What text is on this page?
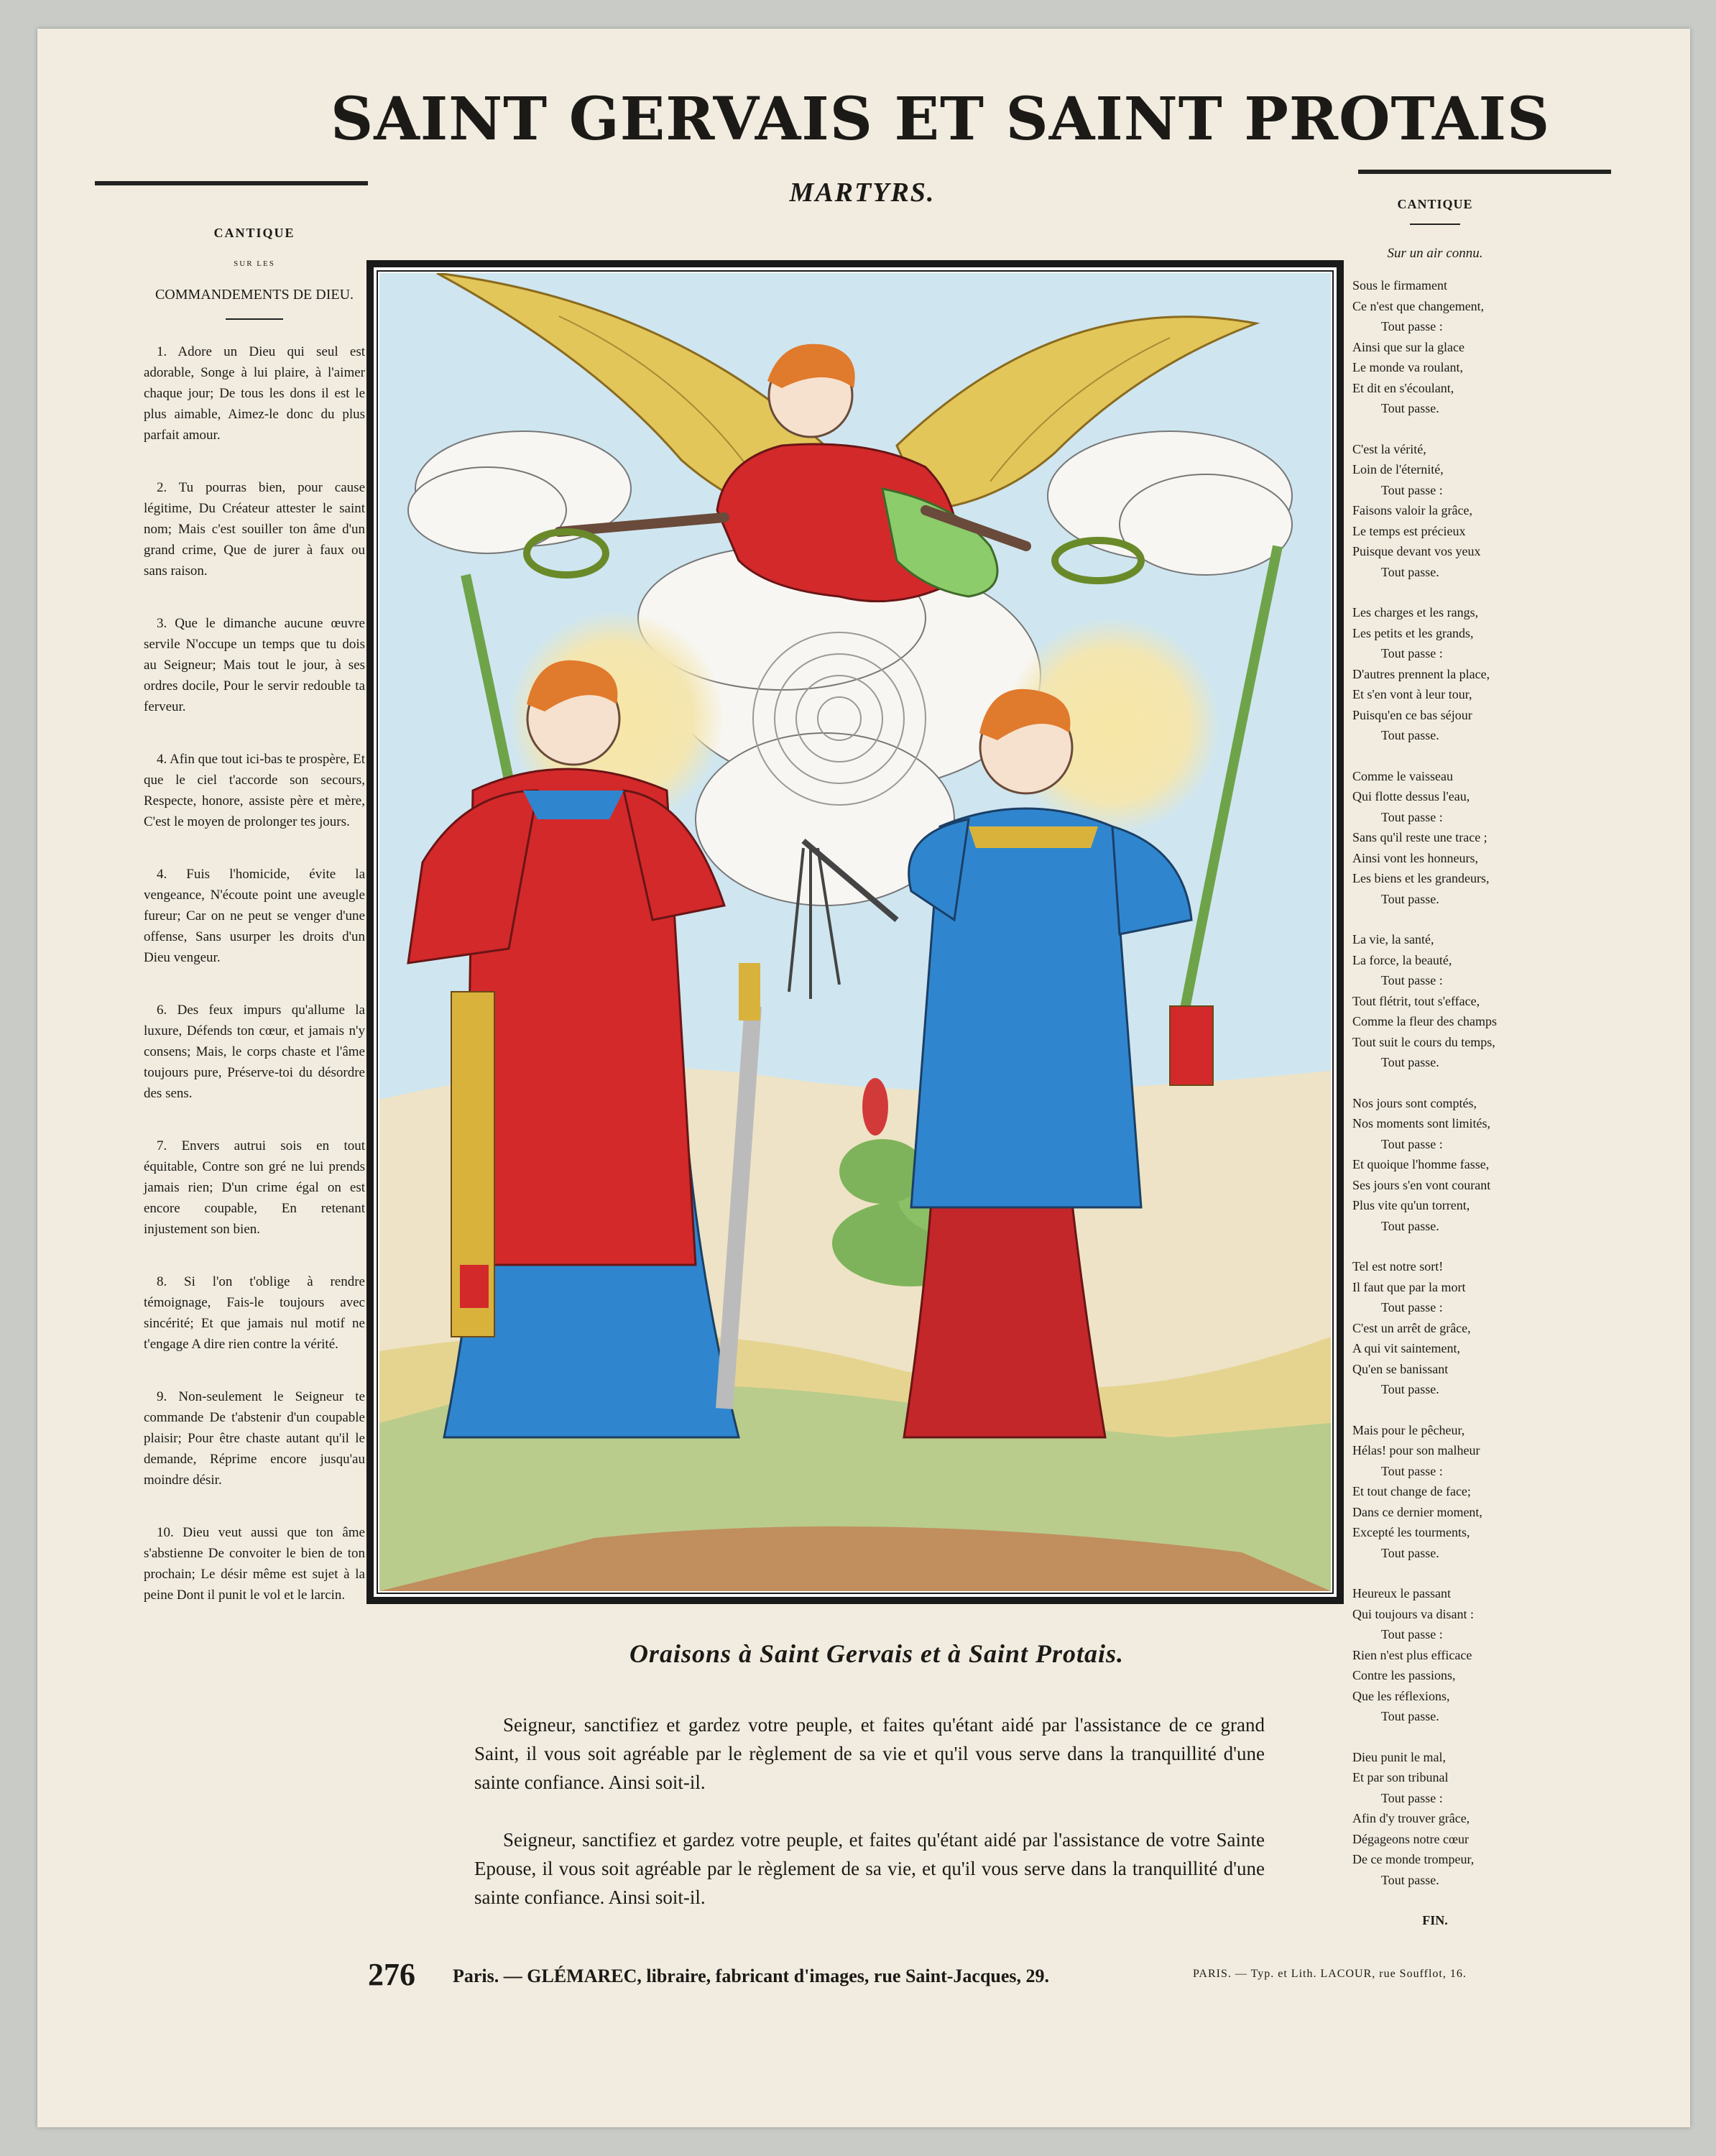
SAINT GERVAIS ET SAINT PROTAIS
MARTYRS.
CANTIQUE
SUR LES
COMMANDEMENTS DE DIEU.

1. Adore un Dieu qui seul est adorable, Songe à lui plaire, à l'aimer chaque jour; De tous les dons il est le plus aimable, Aimez-le donc du plus parfait amour.

2. Tu pourras bien, pour cause légitime, Du Créateur attester le saint nom; Mais c'est souiller ton âme d'un grand crime, Que de jurer à faux ou sans raison.

3. Que le dimanche aucune œuvre servile N'occupe un temps que tu dois au Seigneur; Mais tout le jour, à ses ordres docile, Pour le servir redouble ta ferveur.

4. Afin que tout ici-bas te prospère, Et que le ciel t'accorde son secours, Respecte, honore, assiste père et mère, C'est le moyen de prolonger tes jours.

4. Fuis l'homicide, évite la vengeance, N'écoute point une aveugle fureur; Car on ne peut se venger d'une offense, Sans usurper les droits d'un Dieu vengeur.

6. Des feux impurs qu'allume la luxure, Défends ton cœur, et jamais n'y consens; Mais, le corps chaste et l'âme toujours pure, Préserve-toi du désordre des sens.

7. Envers autrui sois en tout équitable, Contre son gré ne lui prends jamais rien; D'un crime égal on est encore coupable, En retenant injustement son bien.

8. Si l'on t'oblige à rendre témoignage, Fais-le toujours avec sincérité; Et que jamais nul motif ne t'engage A dire rien contre la vérité.

9. Non-seulement le Seigneur te commande De t'abstenir d'un coupable plaisir; Pour être chaste autant qu'il le demande, Réprime encore jusqu'au moindre désir.

10. Dieu veut aussi que ton âme s'abstienne De convoiter le bien de ton prochain; Le désir même est sujet à la peine Dont il punit le vol et le larcin.

CANTIQUE
Sur un air connu.
Sous le firmament
Ce n'est que changement,
Tout passe :
Ainsi que sur la glace
Le monde va roulant,
Et dit en s'écoulant,
Tout passe.
C'est la vérité,
Loin de l'éternité,
Tout passe :
Faisons valoir la grâce,
Le temps est précieux
Puisque devant vos yeux
Tout passe.
Les charges et les rangs,
Les petits et les grands,
Tout passe :
D'autres prennent la place,
Et s'en vont à leur tour,
Puisqu'en ce bas séjour
Tout passe.
Comme le vaisseau
Qui flotte dessus l'eau,
Tout passe :
Sans qu'il reste une trace ;
Ainsi vont les honneurs,
Les biens et les grandeurs,
Tout passe.
La vie, la santé,
La force, la beauté,
Tout passe :
Tout flétrit, tout s'efface,
Comme la fleur des champs
Tout suit le cours du temps,
Tout passe.
Nos jours sont comptés,
Nos moments sont limités,
Tout passe :
Et quoique l'homme fasse,
Ses jours s'en vont courant
Plus vite qu'un torrent,
Tout passe.
Tel est notre sort!
Il faut que par la mort
Tout passe :
C'est un arrêt de grâce,
A qui vit saintement,
Qu'en se banissant
Tout passe.
Mais pour le pêcheur,
Hélas! pour son malheur
Tout passe :
Et tout change de face;
Dans ce dernier moment,
Excepté les tourments,
Tout passe.
Heureux le passant
Qui toujours va disant :
Tout passe :
Rien n'est plus efficace
Contre les passions,
Que les réflexions,
Tout passe.
Dieu punit le mal,
Et par son tribunal
Tout passe :
Afin d'y trouver grâce,
Dégageons notre cœur
De ce monde trompeur,
Tout passe.
FIN.
Oraisons à Saint Gervais et à Saint Protais.
Seigneur, sanctifiez et gardez votre peuple, et faites qu'étant aidé par l'assistance de ce grand Saint, il vous soit agréable par le règlement de sa vie et qu'il vous serve dans la tranquillité d'une sainte confiance. Ainsi soit-il.
Seigneur, sanctifiez et gardez votre peuple, et faites qu'étant aidé par l'assistance de votre Sainte Epouse, il vous soit agréable par le règlement de sa vie, et qu'il vous serve dans la tranquillité d'une sainte confiance. Ainsi soit-il.
276 Paris. — GLÉMAREC, libraire, fabricant d'images, rue Saint-Jacques, 29.	PARIS. — Typ. et Lith. LACOUR, rue Soufflot, 16.
